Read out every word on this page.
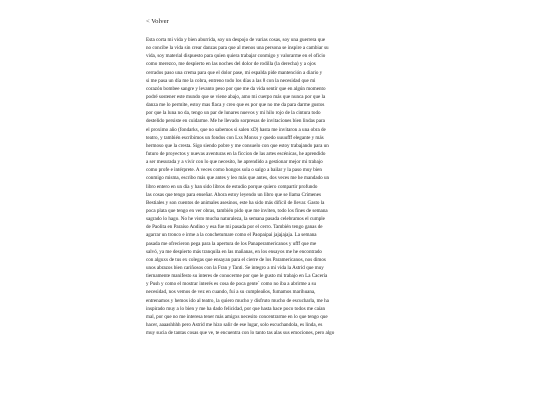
< Volver
Esta corta mi vida y bien aburrida, soy un despojo de varias cosas, soy una guerrera que
no concibe la vida sin crear danzas para que al menos una persona se inspire a cambiar su
vida, soy material dispuesto para quien quiera trabajar conmigo y valorarme en el oficio
como merezco, me despierto en las noches del dolor de rodilla (la derecha) y a ojos
cerrados paso una crema para que el dolor pase, mi espalda pide mantención a diario y
si me pasa un día me la cobra, entreno todo los días a las 8 con la necesidad que mi
corazón bombee sangre y levanto peso por que me da vida sentir que en algún momento
podré sostener este mundo que se viene abajo, amo mi cuerpo más que nunca por que la
danza me lo permite, estoy mas flaca y creo que es por que no me da para darme gustos
por que la luna no da, tengo un par de lunares nuevos y mi hilo rojo de la cintura todo
destelido persiste en cuidarme. Me he llevado sorpresas de invitaciones bien lindas para
el proximo año (fondarks, que no sabemos si salen xD) hasta me invitaron a una obra de
teatro, y también escribimos un fondos con Lxs Monxs y quedo uuuufff elegante y más
hermoso que la cresta. Sigo siendo pobre y me consuelo con que estoy trabajando para un
futuro de proyectos y nuevas aventuras en la ficcion de las artes escénicas, he aprendido
a ser mesurada y a vivir con lo que necesito, he aprendido a gestionar mejor mi trabajo
como profe e intérprete. A veces como hongos sola o salgo a bailar y la paso muy bien
conmigo misma, escribo más que antes y leo más que antes, dos veces me he mandado un
libro entero en un día y han sido libros de estudio porque quiero compartir profundo
las cosas que tengo para enseñar. Ahora estoy leyendo un libro que se llama Crímenes
Bestiales y son cuentos de animales asesinos, este ha sido más difícil de llevar. Gasto la
poca plata que tengo en ver obras, también pido que me inviten, todo los fines de semana
sagrado lo hago. No he visto mucha naturaleza, la semana pasada celebramos el cumple
de Paolita en Paraíso Andino y esa fue mi pasada por el cerro. También tengo ganas de
agarrar un tronco e irme a la conchetumare como el Paopaipai jajajajaja. La semana
pasada me ofrecieron pega para la apertura de los Panaperamericanos y ufff que me
salvó, ya me despierto más tranquila en las mañanas, en los ensayos me he encontrado
con alguxs de tus ex colegas que ensayan para el cierre de los Paramericanos, nos dimos
unos abrazos bien cariñosos con la Fran y Tanti. Se integro a mi vida la Astrid que muy
tiernamente manifesto su interes de conocerme por que le gusto mi trabajo en La Cacería
y Push y como el mostrar interés es cosa de poca gente` como no iba a abrirme a su
necesidad, nos vemos de vez en cuando, fui a su cumpleaños, fumamos marihuana,
entrenamos y hemos ido al teatro, la quiero mucho y disfruto mucho de escucharla, me ha
inspirado muy a lo bien y me ha dado felicidad, por que hasta hace poco todos me caían
mal, por que no me interesa tener más amigxs necesito concentrarme en lo que tengo que
hacer, aaaashhhh pero Astrid me hizo salir de ese lugar, solo escuchandola, es linda, es
muy sucia de tantas cosas que ve, te encuentra con lo tanto tas alas sus emociones, pero algo
